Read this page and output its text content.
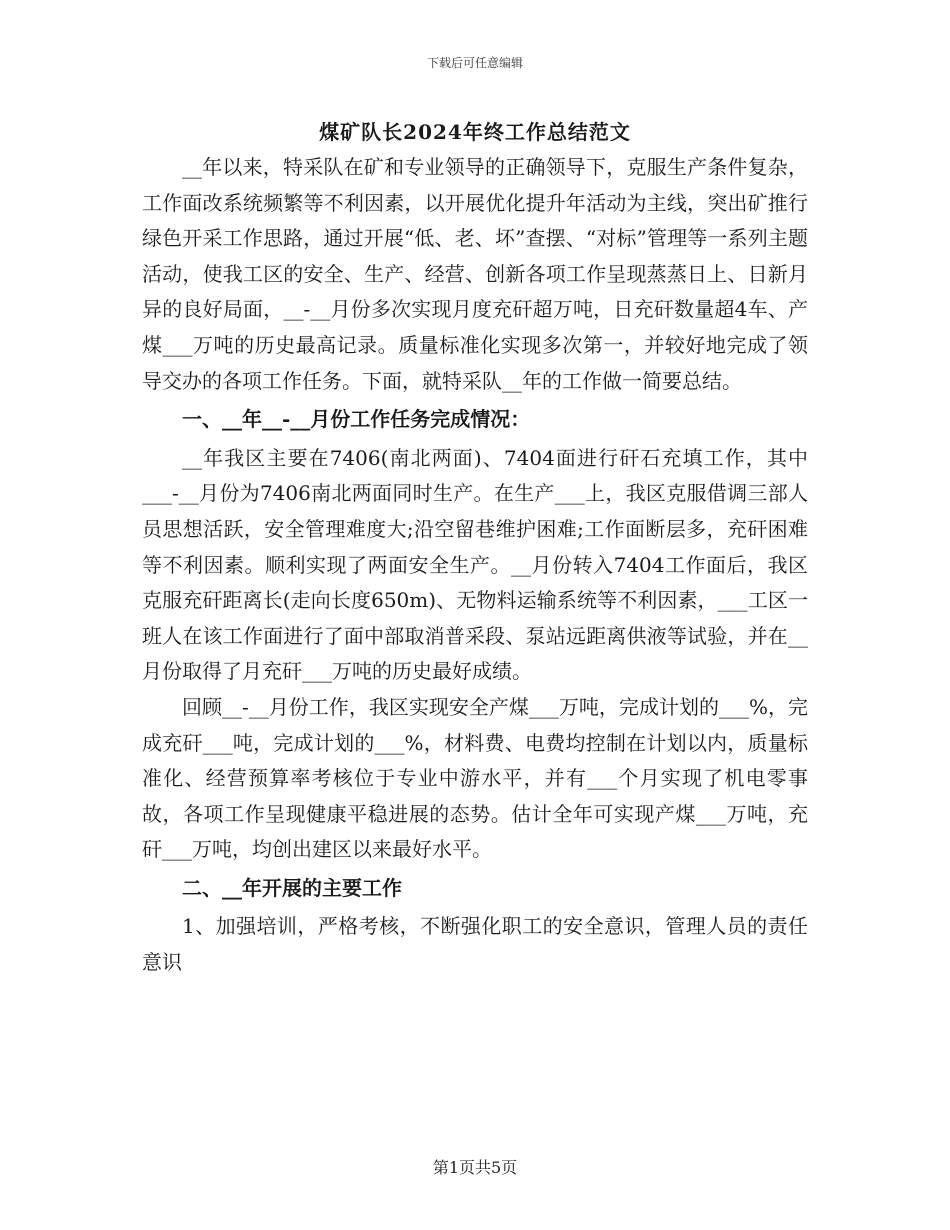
下载后可任意编辑
煤矿队长2024年终工作总结范文

__年以来，特采队在矿和专业领导的正确领导下，克服生产条件复杂，工作面改系统频繁等不利因素，以开展优化提升年活动为主线，突出矿推行绿色开采工作思路，通过开展“低、老、坏”查摆、“对标”管理等一系列主题活动，使我工区的安全、生产、经营、创新各项工作呈现蒸蒸日上、日新月异的良好局面，__-__月份多次实现月度充矸超万吨，日充矸数量超4车、产煤___万吨的历史最高记录。质量标准化实现多次第一，并较好地完成了领导交办的各项工作任务。下面，就特采队__年的工作做一简要总结。

一、__年__-__月份工作任务完成情况：

__年我区主要在7406(南北两面)、7404面进行矸石充填工作，其中___-__月份为7406南北两面同时生产。在生产___上，我区克服借调三部人员思想活跃，安全管理难度大;沿空留巷维护困难;工作面断层多，充矸困难等不利因素。顺利实现了两面安全生产。__月份转入7404工作面后，我区克服充矸距离长(走向长度650m)、无物料运输系统等不利因素，___工区一班人在该工作面进行了面中部取消普采段、泵站远距离供液等试验，并在__月份取得了月充矸___万吨的历史最好成绩。

回顾__-__月份工作，我区实现安全产煤___万吨，完成计划的___%，完成充矸___吨，完成计划的___%，材料费、电费均控制在计划以内，质量标准化、经营预算率考核位于专业中游水平，并有___个月实现了机电零事故，各项工作呈现健康平稳进展的态势。估计全年可实现产煤___万吨，充矸___万吨，均创出建区以来最好水平。

二、__年开展的主要工作

1、加强培训，严格考核，不断强化职工的安全意识，管理人员的责任意识

第1页共5页
